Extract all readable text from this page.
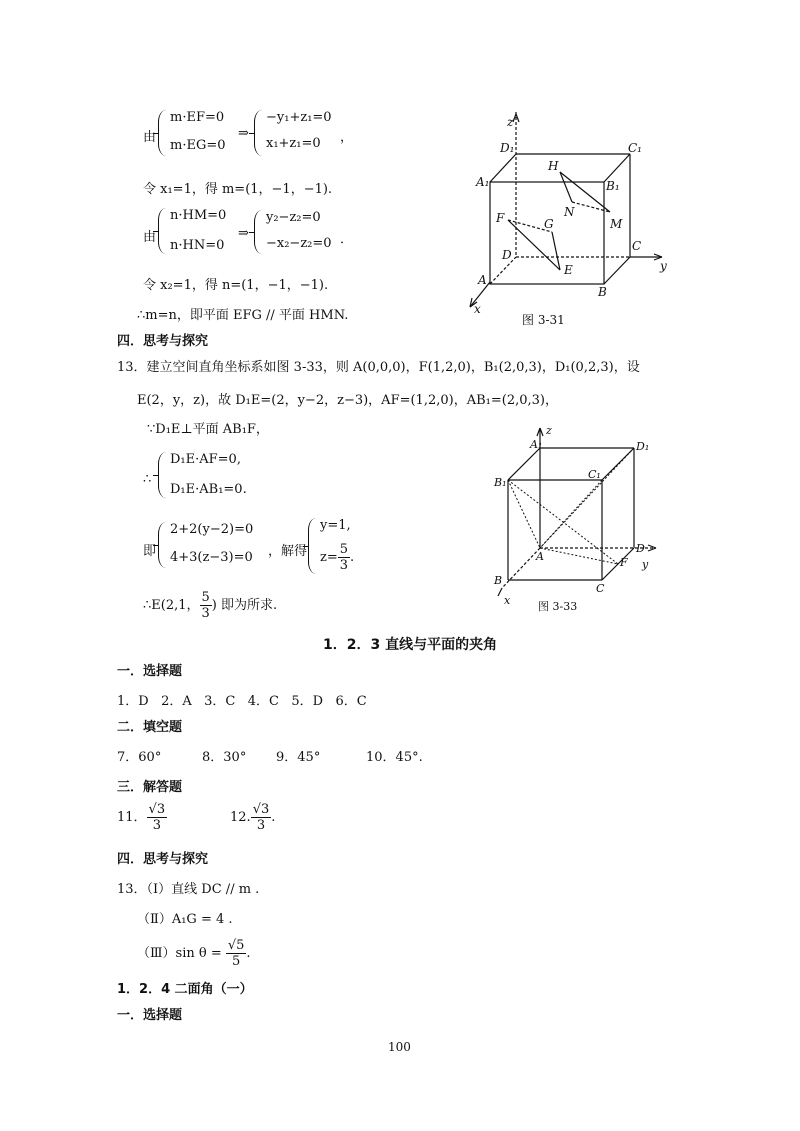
由
m·EF=0
m·EG=0
⇒
−y₁+z₁=0
x₁+z₁=0 ，
令 x₁=1，得 m=(1，−1，−1).
由
n·HM=0
n·HN=0
⇒
y₂−z₂=0
−x₂−z₂=0 ．
令 x₂=1，得 n=(1，−1，−1).
∴m=n，即平面 EFG // 平面 HMN.
四．思考与探究
13．建立空间直角坐标系如图 3-33，则 A(0,0,0)，F(1,2,0)，B₁(2,0,3)，D₁(0,2,3)，设
E(2，y，z)，故 D₁E=(2，y−2，z−3)，AF=(1,2,0)，AB₁=(2,0,3)，
∵D₁E⊥平面 AB₁F，
∴
D₁E·AF=0,
D₁E·AB₁=0.
即
2+2(y−2)=0
4+3(z−3)=0 ，解得
y=1,
$z= \frac{5}{3}$ .
∴E(2,1， $\frac{5}{3}$ ) 即为所求.
1．2．3 直线与平面的夹角
一．选择题
1．D   2．A   3．C   4．C   5．D   6．C
二．填空题
7．60°	8．30° 9．45°	10．45°.
三．解答题
11． $\frac{√3}{3}$	12. $\frac{√3}{3}$ .
四．思考与探究
13．（Ⅰ）直线 DC // m .
（Ⅱ）A₁G = 4 .
（Ⅲ）sin $\theta = \frac{√5}{5}$ .
1．2．4 二面角（一）
一．选择题
100
z
y
x
D₁	C₁
A₁	B₁
D
C
A
B
H
N
M
F	G
E
图 3-31
z
A₁	D₁
C₁
B₁
A
D
F y
B
C
x	图 3-33
